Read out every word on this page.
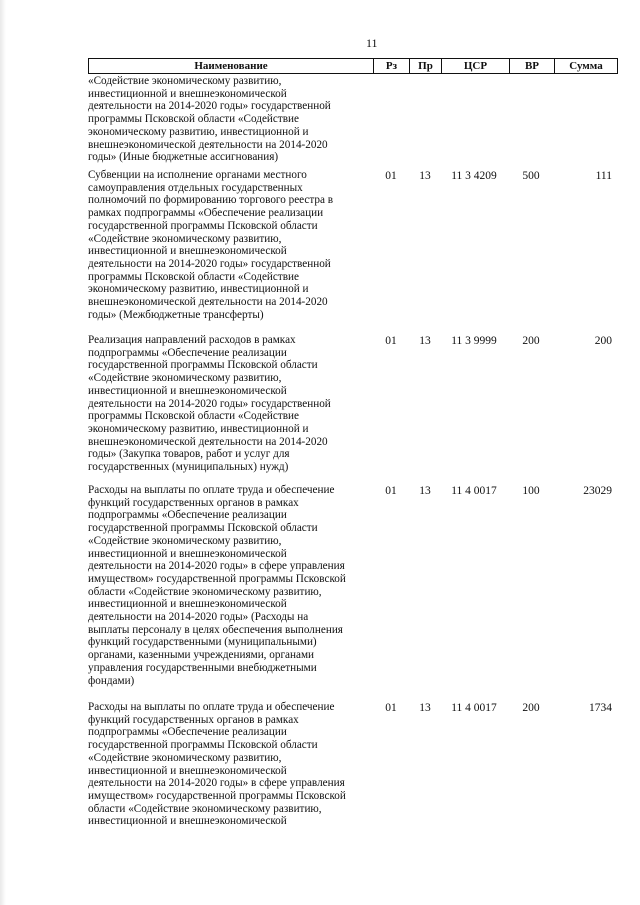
11
Наименование	Рз	Пр	ЦСР	ВР	Сумма
«Содействие экономическому развитию,
инвестиционной и внешнеэкономической
деятельности на 2014-2020 годы» государственной
программы Псковской области «Содействие
экономическому развитию, инвестиционной и
внешнеэкономической деятельности на 2014-2020
годы» (Иные бюджетные ассигнования)
Субвенции на исполнение органами местного
самоуправления отдельных государственных
полномочий по формированию торгового реестра в
рамках подпрограммы «Обеспечение реализации
государственной программы Псковской области
«Содействие экономическому развитию,
инвестиционной и внешнеэкономической
деятельности на 2014-2020 годы» государственной
программы Псковской области «Содействие
экономическому развитию, инвестиционной и
внешнеэкономической деятельности на 2014-2020
годы» (Межбюджетные трансферты)
01	13	11 3 4209	500	111
Реализация направлений расходов в рамках
подпрограммы «Обеспечение реализации
государственной программы Псковской области
«Содействие экономическому развитию,
инвестиционной и внешнеэкономической
деятельности на 2014-2020 годы» государственной
программы Псковской области «Содействие
экономическому развитию, инвестиционной и
внешнеэкономической деятельности на 2014-2020
годы» (Закупка товаров, работ и услуг для
государственных (муниципальных) нужд)
01	13	11 3 9999	200	200
Расходы на выплаты по оплате труда и обеспечение
функций государственных органов в рамках
подпрограммы «Обеспечение реализации
государственной программы Псковской области
«Содействие экономическому развитию,
инвестиционной и внешнеэкономической
деятельности на 2014-2020 годы» в сфере управления
имуществом» государственной программы Псковской
области «Содействие экономическому развитию,
инвестиционной и внешнеэкономической
деятельности на 2014-2020 годы» (Расходы на
выплаты персоналу в целях обеспечения выполнения
функций государственными (муниципальными)
органами, казенными учреждениями, органами
управления государственными внебюджетными
фондами)
01	13	11 4 0017	100	23029
Расходы на выплаты по оплате труда и обеспечение
функций государственных органов в рамках
подпрограммы «Обеспечение реализации
государственной программы Псковской области
«Содействие экономическому развитию,
инвестиционной и внешнеэкономической
деятельности на 2014-2020 годы» в сфере управления
имуществом» государственной программы Псковской
области «Содействие экономическому развитию,
инвестиционной и внешнеэкономической
01	13	11 4 0017	200	1734
